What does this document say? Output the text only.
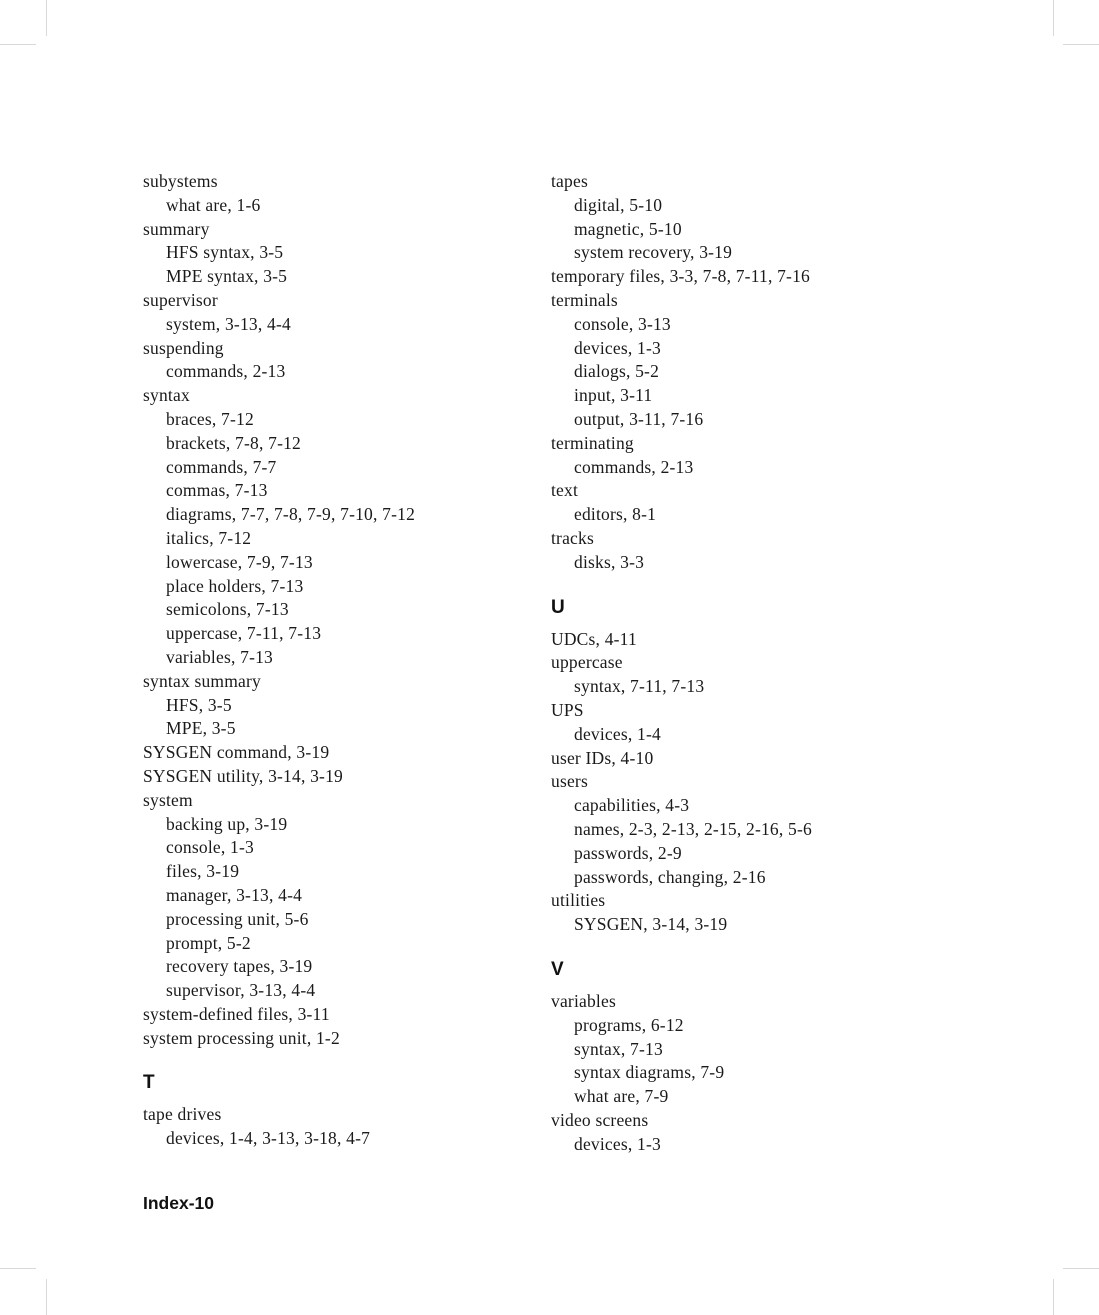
subystems
what are, 1-6
summary
HFS syntax, 3-5
MPE syntax, 3-5
supervisor
system, 3-13, 4-4
suspending
commands, 2-13
syntax
braces, 7-12
brackets, 7-8, 7-12
commands, 7-7
commas, 7-13
diagrams, 7-7, 7-8, 7-9, 7-10, 7-12
italics, 7-12
lowercase, 7-9, 7-13
place holders, 7-13
semicolons, 7-13
uppercase, 7-11, 7-13
variables, 7-13
syntax summary
HFS, 3-5
MPE, 3-5
SYSGEN command, 3-19
SYSGEN utility, 3-14, 3-19
system
backing up, 3-19
console, 1-3
files, 3-19
manager, 3-13, 4-4
processing unit, 5-6
prompt, 5-2
recovery tapes, 3-19
supervisor, 3-13, 4-4
system-defined files, 3-11
system processing unit, 1-2
T
tape drives
devices, 1-4, 3-13, 3-18, 4-7
tapes
digital, 5-10
magnetic, 5-10
system recovery, 3-19
temporary files, 3-3, 7-8, 7-11, 7-16
terminals
console, 3-13
devices, 1-3
dialogs, 5-2
input, 3-11
output, 3-11, 7-16
terminating
commands, 2-13
text
editors, 8-1
tracks
disks, 3-3
U
UDCs, 4-11
uppercase
syntax, 7-11, 7-13
UPS
devices, 1-4
user IDs, 4-10
users
capabilities, 4-3
names, 2-3, 2-13, 2-15, 2-16, 5-6
passwords, 2-9
passwords, changing, 2-16
utilities
SYSGEN, 3-14, 3-19
V
variables
programs, 6-12
syntax, 7-13
syntax diagrams, 7-9
what are, 7-9
video screens
devices, 1-3
Index-10
